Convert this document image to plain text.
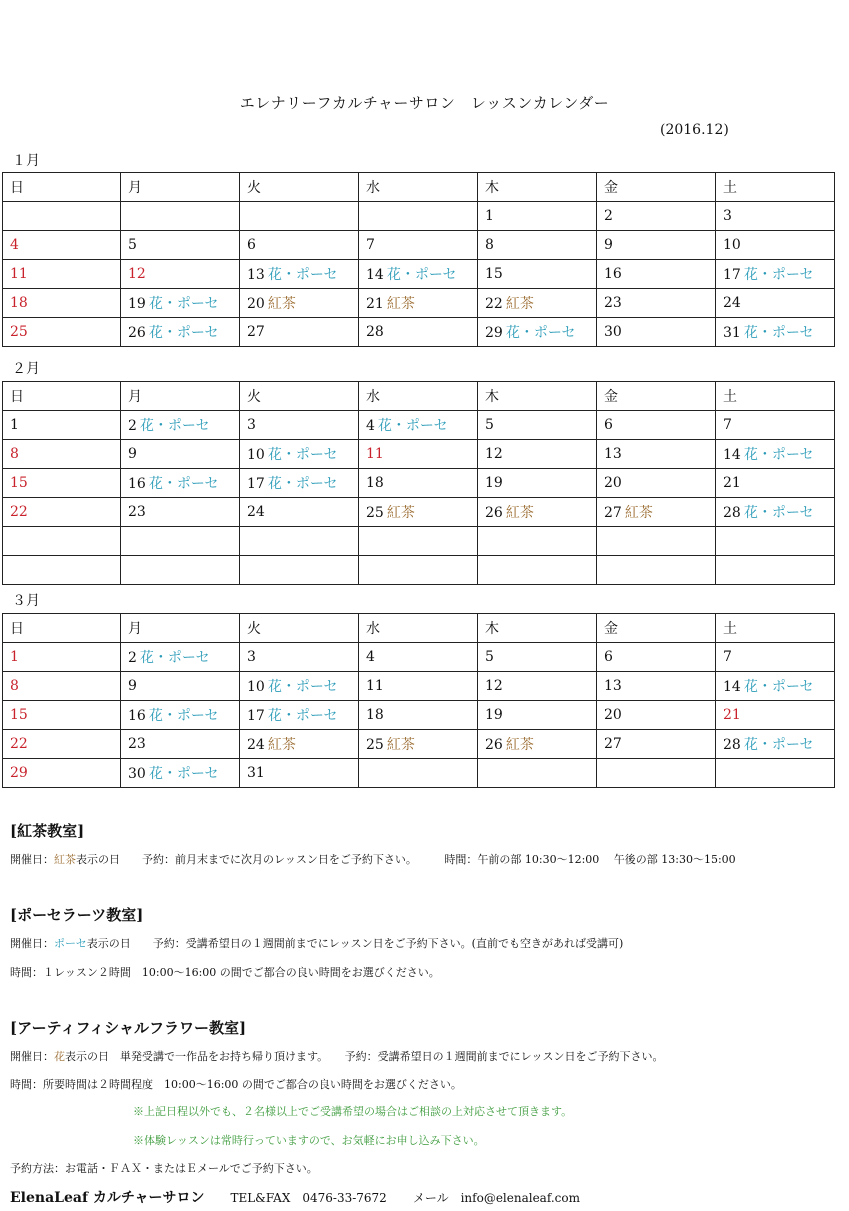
エレナリーフカルチャーサロン　レッスンカレンダー
(2016.12)
１月
日	月	火	水	木	金	土
				1	2	3
4	5	6	7	8	9	10
11	12	13 花・ポーセ	14 花・ポーセ	15	16	17 花・ポーセ
18	19 花・ポーセ	20 紅茶	21 紅茶	22 紅茶	23	24
25	26 花・ポーセ	27	28	29 花・ポーセ	30	31 花・ポーセ
２月
日	月	火	水	木	金	土
1	2 花・ポーセ	3	4 花・ポーセ	5	6	7
8	9	10 花・ポーセ	11	12	13	14 花・ポーセ
15	16 花・ポーセ	17 花・ポーセ	18	19	20	21
22	23	24	25 紅茶	26 紅茶	27 紅茶	28 花・ポーセ

３月
日	月	火	水	木	金	土
1	2 花・ポーセ	3	4	5	6	7
8	9	10 花・ポーセ	11	12	13	14 花・ポーセ
15	16 花・ポーセ	17 花・ポーセ	18	19	20	21
22	23	24 紅茶	25 紅茶	26 紅茶	27	28 花・ポーセ
29	30 花・ポーセ	31				
[紅茶教室]
開催日：紅茶表示の日　　予約：前月末までに次月のレッスン日をご予約下さい。　　　時間：午前の部 10:30〜12:00　 午後の部 13:30〜15:00
[ポーセラーツ教室]
開催日：ポーセ表示の日　　予約：受講希望日の１週間前までにレッスン日をご予約下さい。(直前でも空きがあれば受講可)
時間：１レッスン２時間　10:00〜16:00 の間でご都合の良い時間をお選びください。
[アーティフィシャルフラワー教室]
開催日：花表示の日　単発受講で一作品をお持ち帰り頂けます。　　予約：受講希望日の１週間前までにレッスン日をご予約下さい。
時間：所要時間は２時間程度　10:00〜16:00 の間でご都合の良い時間をお選びください。
※上記日程以外でも、２名様以上でご受講希望の場合はご相談の上対応させて頂きます。
※体験レッスンは常時行っていますので、お気軽にお申し込み下さい。
予約方法：お電話・ＦＡＸ・またはＥメールでご予約下さい。
ElenaLeaf カルチャーサロン TEL&FAX　0476-33-7672 メール　info@elenaleaf.com
